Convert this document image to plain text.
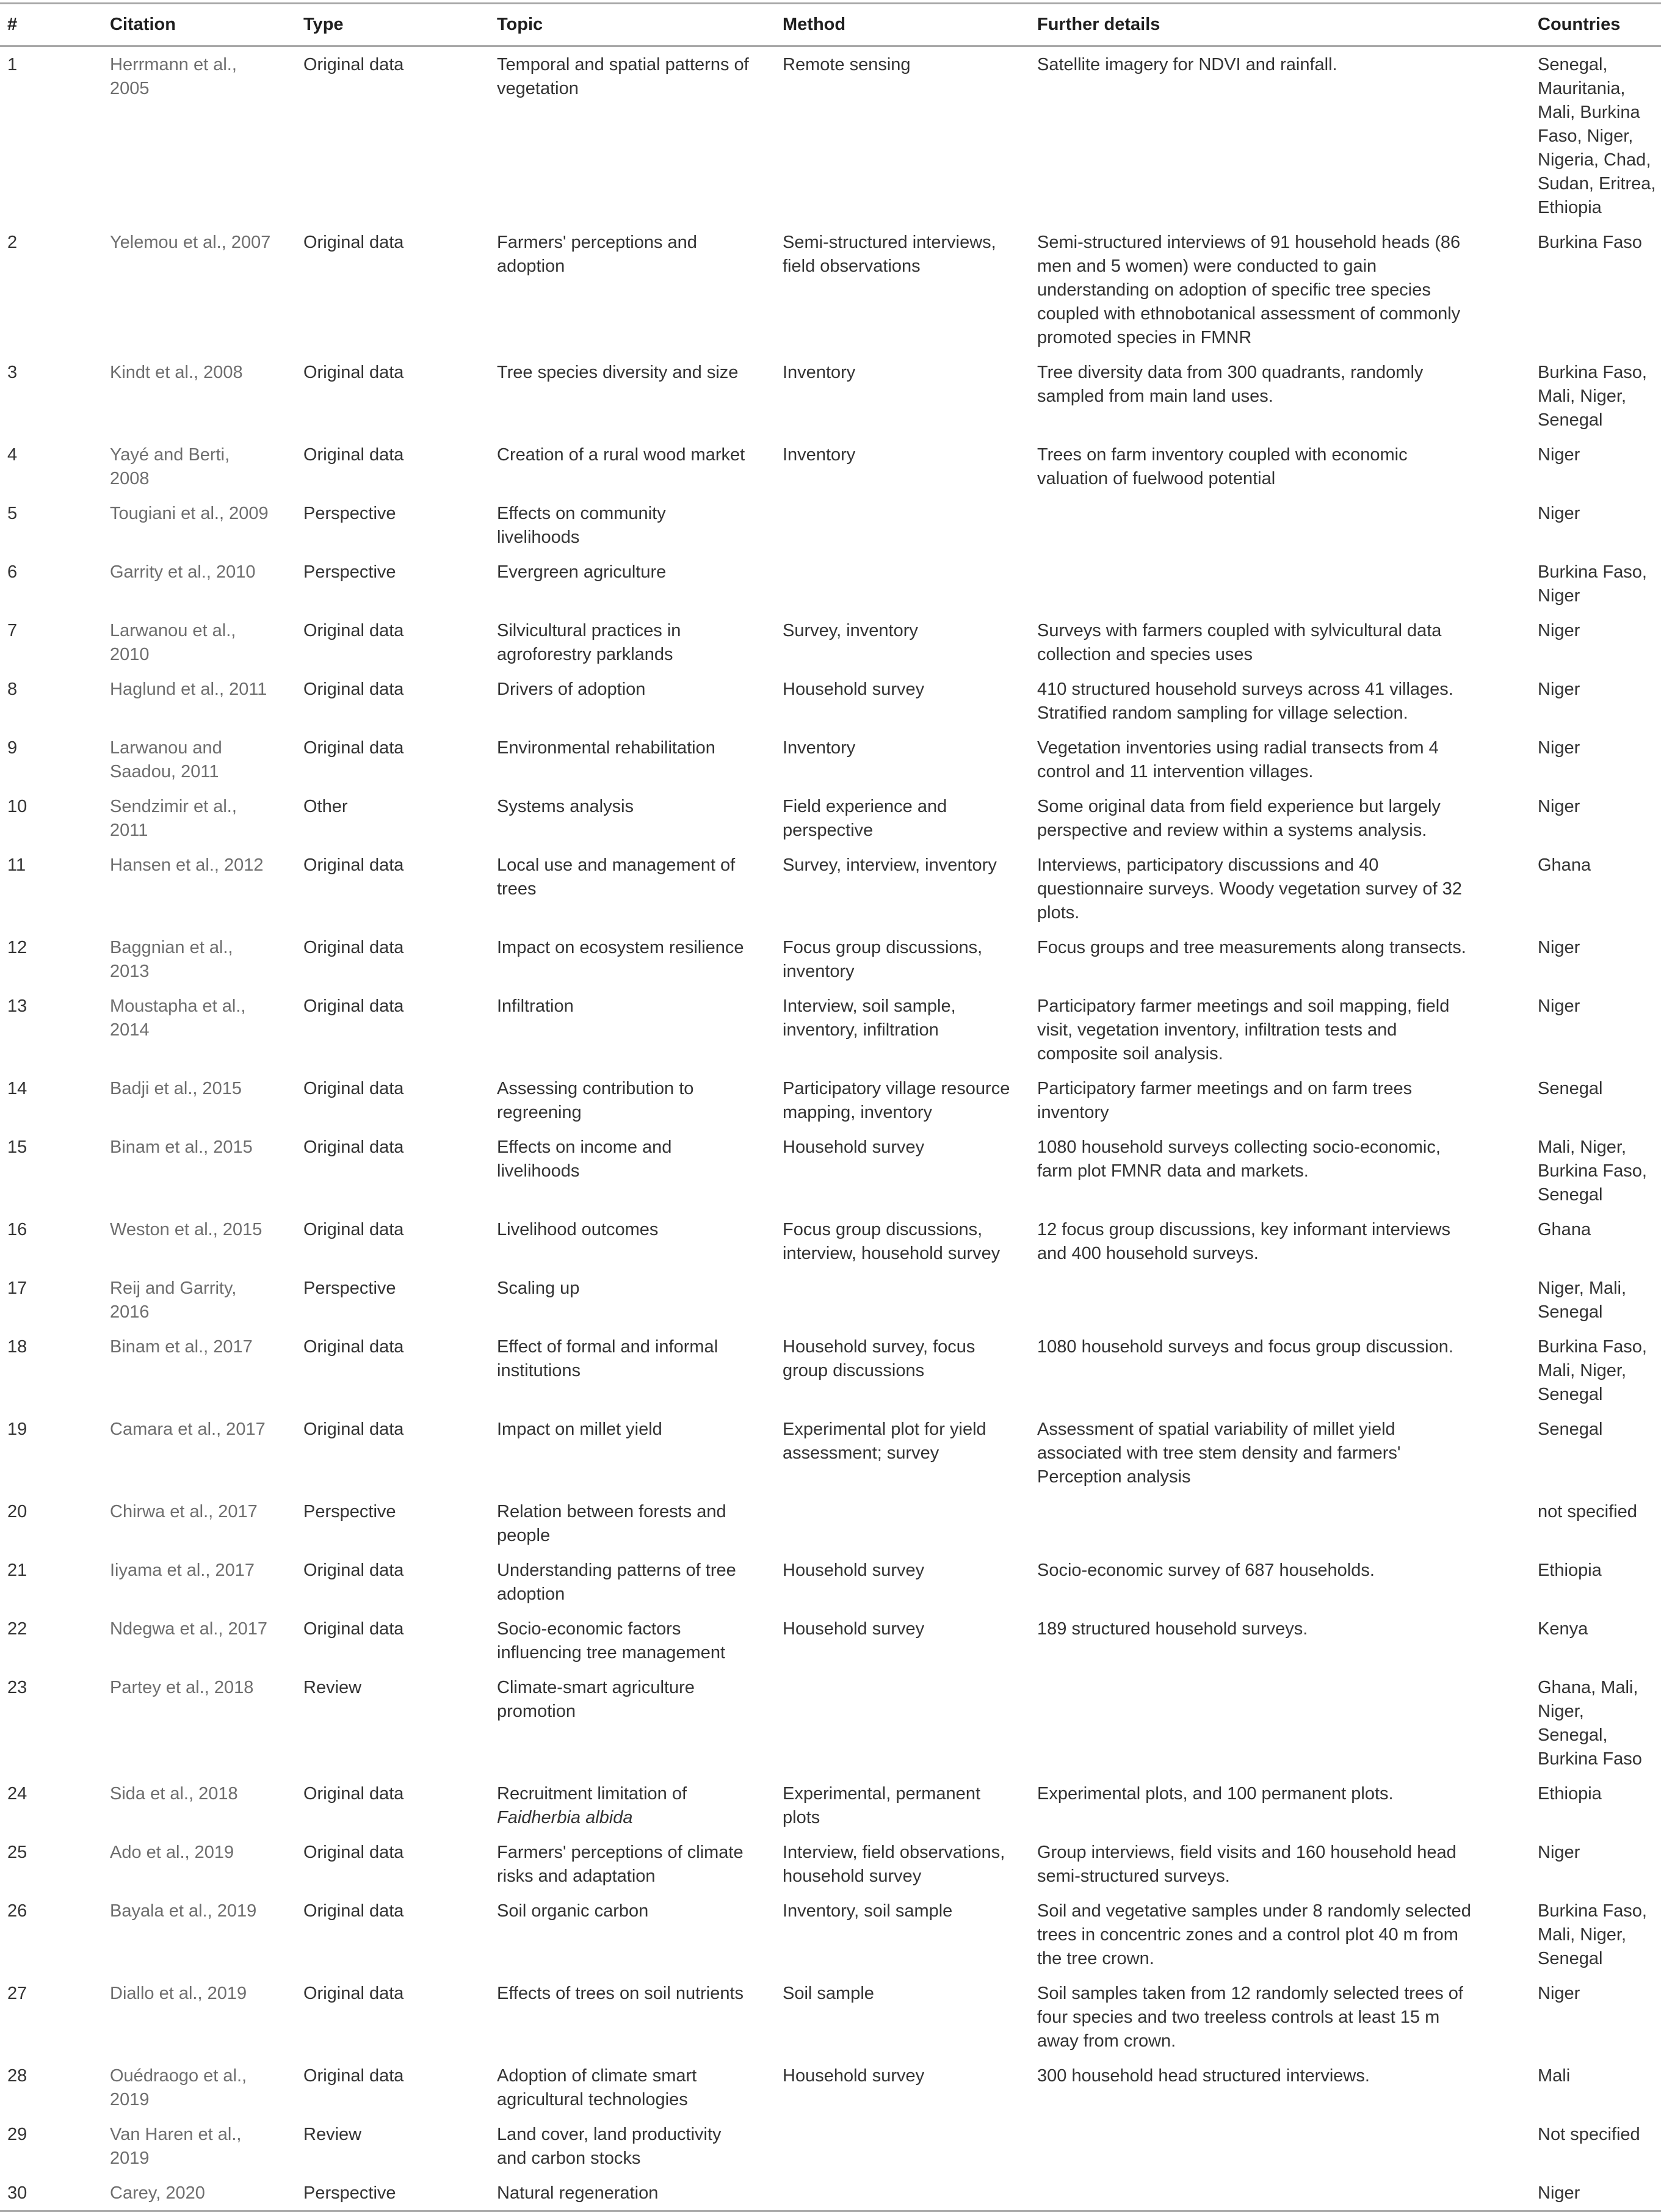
#	Citation	Type	Topic	Method	Further details	Countries
1	Herrmann et al., 2005	Original data	Temporal and spatial patterns of vegetation	Remote sensing	Satellite imagery for NDVI and rainfall.	Senegal, Mauritania, Mali, Burkina Faso, Niger, Nigeria, Chad, Sudan, Eritrea, Ethiopia
2	Yelemou et al., 2007	Original data	Farmers' perceptions and adoption	Semi-structured interviews, field observations	Semi-structured interviews of 91 household heads (86 men and 5 women) were conducted to gain understanding on adoption of specific tree species coupled with ethnobotanical assessment of commonly promoted species in FMNR	Burkina Faso
3	Kindt et al., 2008	Original data	Tree species diversity and size	Inventory	Tree diversity data from 300 quadrants, randomly sampled from main land uses.	Burkina Faso, Mali, Niger, Senegal
4	Yayé and Berti, 2008	Original data	Creation of a rural wood market	Inventory	Trees on farm inventory coupled with economic valuation of fuelwood potential	Niger
5	Tougiani et al., 2009	Perspective	Effects on community livelihoods			Niger
6	Garrity et al., 2010	Perspective	Evergreen agriculture			Burkina Faso, Niger
7	Larwanou et al., 2010	Original data	Silvicultural practices in agroforestry parklands	Survey, inventory	Surveys with farmers coupled with sylvicultural data collection and species uses	Niger
8	Haglund et al., 2011	Original data	Drivers of adoption	Household survey	410 structured household surveys across 41 villages. Stratified random sampling for village selection.	Niger
9	Larwanou and Saadou, 2011	Original data	Environmental rehabilitation	Inventory	Vegetation inventories using radial transects from 4 control and 11 intervention villages.	Niger
10	Sendzimir et al., 2011	Other	Systems analysis	Field experience and perspective	Some original data from field experience but largely perspective and review within a systems analysis.	Niger
11	Hansen et al., 2012	Original data	Local use and management of trees	Survey, interview, inventory	Interviews, participatory discussions and 40 questionnaire surveys. Woody vegetation survey of 32 plots.	Ghana
12	Baggnian et al., 2013	Original data	Impact on ecosystem resilience	Focus group discussions, inventory	Focus groups and tree measurements along transects.	Niger
13	Moustapha et al., 2014	Original data	Infiltration	Interview, soil sample, inventory, infiltration	Participatory farmer meetings and soil mapping, field visit, vegetation inventory, infiltration tests and composite soil analysis.	Niger
14	Badji et al., 2015	Original data	Assessing contribution to regreening	Participatory village resource mapping, inventory	Participatory farmer meetings and on farm trees inventory	Senegal
15	Binam et al., 2015	Original data	Effects on income and livelihoods	Household survey	1080 household surveys collecting socio-economic, farm plot FMNR data and markets.	Mali, Niger, Burkina Faso, Senegal
16	Weston et al., 2015	Original data	Livelihood outcomes	Focus group discussions, interview, household survey	12 focus group discussions, key informant interviews and 400 household surveys.	Ghana
17	Reij and Garrity, 2016	Perspective	Scaling up			Niger, Mali, Senegal
18	Binam et al., 2017	Original data	Effect of formal and informal institutions	Household survey, focus group discussions	1080 household surveys and focus group discussion.	Burkina Faso, Mali, Niger, Senegal
19	Camara et al., 2017	Original data	Impact on millet yield	Experimental plot for yield assessment; survey	Assessment of spatial variability of millet yield associated with tree stem density and farmers' Perception analysis	Senegal
20	Chirwa et al., 2017	Perspective	Relation between forests and people			not specified
21	Iiyama et al., 2017	Original data	Understanding patterns of tree adoption	Household survey	Socio-economic survey of 687 households.	Ethiopia
22	Ndegwa et al., 2017	Original data	Socio-economic factors influencing tree management	Household survey	189 structured household surveys.	Kenya
23	Partey et al., 2018	Review	Climate-smart agriculture promotion			Ghana, Mali, Niger, Senegal, Burkina Faso
24	Sida et al., 2018	Original data	Recruitment limitation of Faidherbia albida	Experimental, permanent plots	Experimental plots, and 100 permanent plots.	Ethiopia
25	Ado et al., 2019	Original data	Farmers' perceptions of climate risks and adaptation	Interview, field observations, household survey	Group interviews, field visits and 160 household head semi-structured surveys.	Niger
26	Bayala et al., 2019	Original data	Soil organic carbon	Inventory, soil sample	Soil and vegetative samples under 8 randomly selected trees in concentric zones and a control plot 40 m from the tree crown.	Burkina Faso, Mali, Niger, Senegal
27	Diallo et al., 2019	Original data	Effects of trees on soil nutrients	Soil sample	Soil samples taken from 12 randomly selected trees of four species and two treeless controls at least 15 m away from crown.	Niger
28	Ouédraogo et al., 2019	Original data	Adoption of climate smart agricultural technologies	Household survey	300 household head structured interviews.	Mali
29	Van Haren et al., 2019	Review	Land cover, land productivity and carbon stocks			Not specified
30	Carey, 2020	Perspective	Natural regeneration			Niger
